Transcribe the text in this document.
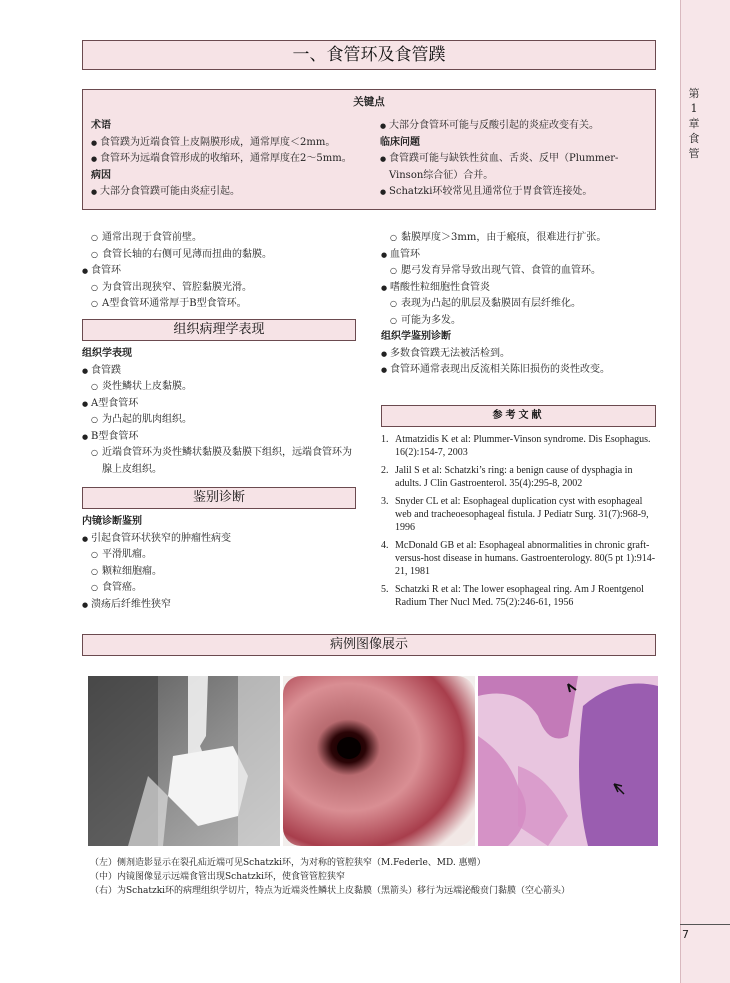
第1章食管
7
一、食管环及食管蹼
关键点
术语
● 食管蹼为近端食管上皮隔膜形成，通常厚度＜2mm。
● 食管环为远端食管形成的收缩环，通常厚度在2～5mm。
病因
● 大部分食管蹼可能由炎症引起。
● 大部分食管环可能与反酸引起的炎症改变有关。
临床问题
● 食管蹼可能与缺铁性贫血、舌炎、反甲（Plummer-Vinson综合征）合并。
● Schatzki环较常见且通常位于胃食管连接处。
○ 通常出现于食管前壁。
○ 食管长轴的右侧可见薄而扭曲的黏膜。
● 食管环
○ 为食管出现狭窄、管腔黏膜光滑。
○ A型食管环通常厚于B型食管环。
组织病理学表现
组织学表现
● 食管蹼
○ 炎性鳞状上皮黏膜。
● A型食管环
○ 为凸起的肌肉组织。
● B型食管环
○ 近端食管环为炎性鳞状黏膜及黏膜下组织，远端食管环为腺上皮组织。
鉴别诊断
内镜诊断鉴别
● 引起食管环状狭窄的肿瘤性病变
○ 平滑肌瘤。
○ 颗粒细胞瘤。
○ 食管癌。
● 溃疡后纤维性狭窄
○ 黏膜厚度＞3mm，由于瘢痕，很难进行扩张。
● 血管环
○ 腮弓发育异常导致出现气管、食管的血管环。
● 嗜酸性粒细胞性食管炎
○ 表现为凸起的肌层及黏膜固有层纤维化。
○ 可能为多发。
组织学鉴别诊断
● 多数食管蹼无法被活检到。
● 食管环通常表现出反流相关陈旧损伤的炎性改变。
参考文献
1. Atmatzidis K et al: Plummer-Vinson syndrome. Dis Esophagus. 16(2):154-7, 2003
2. Jalil S et al: Schatzki’s ring: a benign cause of dysphagia in adults. J Clin Gastroenterol. 35(4):295-8, 2002
3. Snyder CL et al: Esophageal duplication cyst with esophageal web and tracheoesophageal fistula. J Pediatr Surg. 31(7):968-9, 1996
4. McDonald GB et al: Esophageal abnormalities in chronic graft-versus-host disease in humans. Gastroenterology. 80(5 pt 1):914-21, 1981
5. Schatzki R et al: The lower esophageal ring. Am J Roentgenol Radium Ther Nucl Med. 75(2):246-61, 1956
病例图像展示
（左）侧剂造影显示在裂孔疝近端可见Schatzki环，为对称的管腔狭窄（M.Federle、MD. 惠赠）
（中）内镜图像显示远端食管出现Schatzki环，使食管管腔狭窄
（右）为Schatzki环的病理组织学切片，特点为近端炎性鳞状上皮黏膜（黑箭头）移行为远端泌酸贲门黏膜（空心箭头）
